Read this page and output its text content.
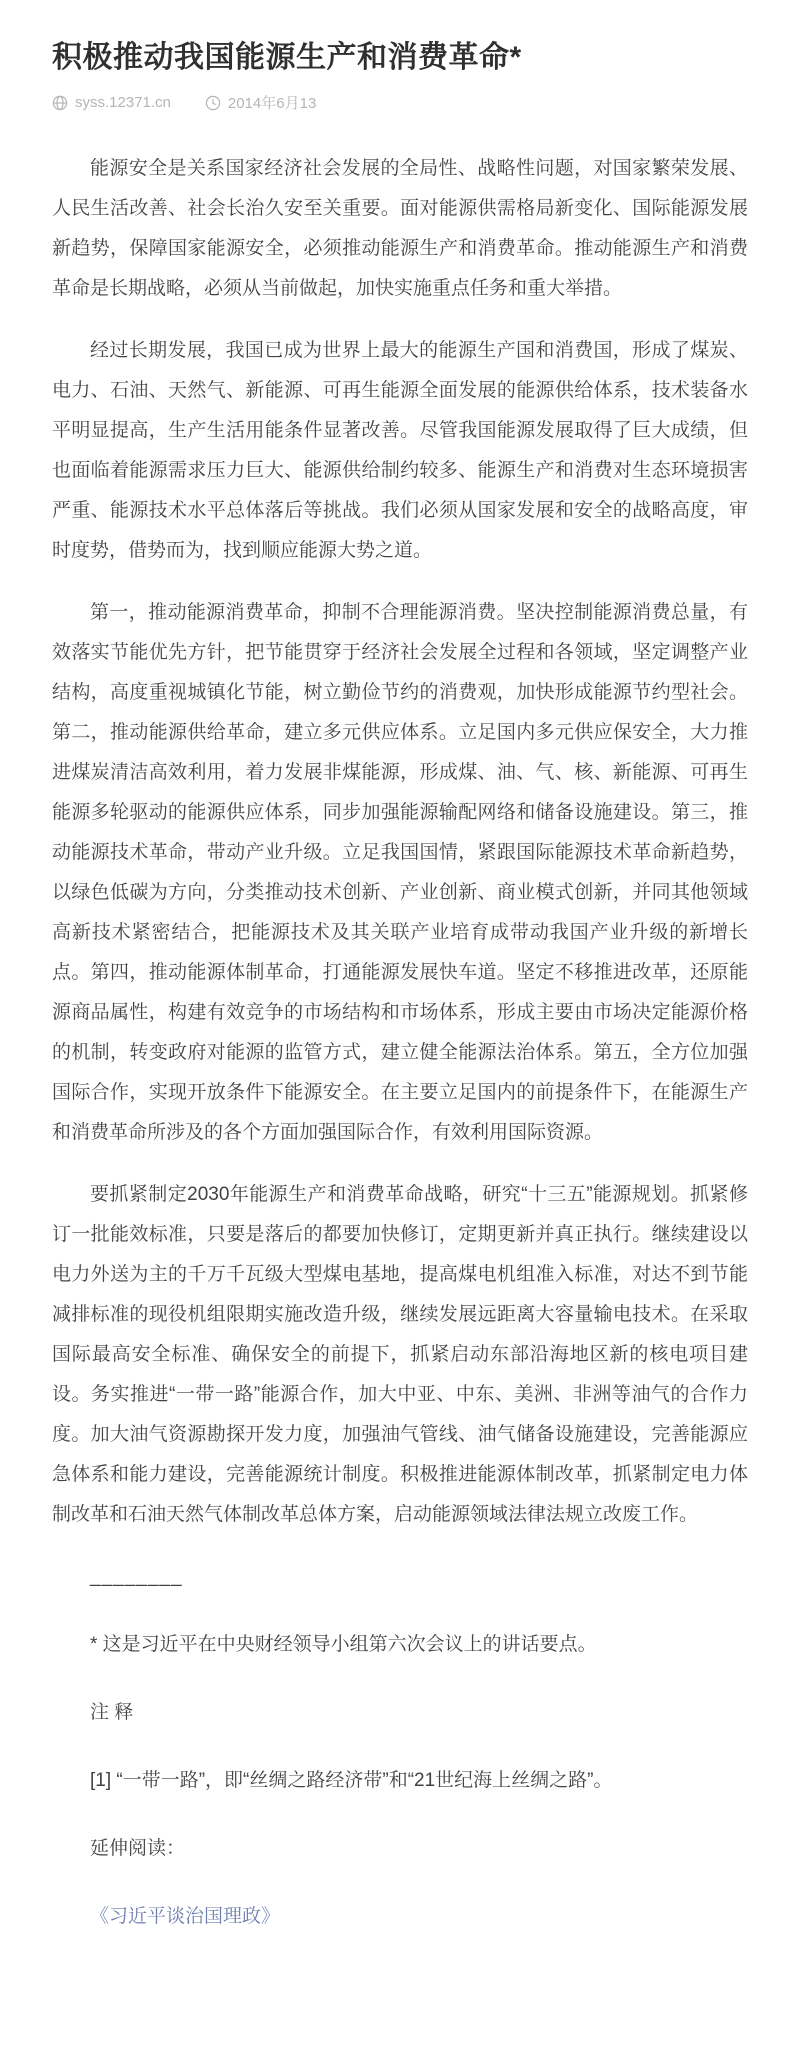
积极推动我国能源生产和消费革命*
syss.12371.cn	2014年6月13

能源安全是关系国家经济社会发展的全局性、战略性问题，对国家繁荣发展、人民生活改善、社会长治久安至关重要。面对能源供需格局新变化、国际能源发展新趋势，保障国家能源安全，必须推动能源生产和消费革命。推动能源生产和消费革命是长期战略，必须从当前做起，加快实施重点任务和重大举措。

经过长期发展，我国已成为世界上最大的能源生产国和消费国，形成了煤炭、电力、石油、天然气、新能源、可再生能源全面发展的能源供给体系，技术装备水平明显提高，生产生活用能条件显著改善。尽管我国能源发展取得了巨大成绩，但也面临着能源需求压力巨大、能源供给制约较多、能源生产和消费对生态环境损害严重、能源技术水平总体落后等挑战。我们必须从国家发展和安全的战略高度，审时度势，借势而为，找到顺应能源大势之道。

第一，推动能源消费革命，抑制不合理能源消费。坚决控制能源消费总量，有效落实节能优先方针，把节能贯穿于经济社会发展全过程和各领域，坚定调整产业结构，高度重视城镇化节能，树立勤俭节约的消费观，加快形成能源节约型社会。第二，推动能源供给革命，建立多元供应体系。立足国内多元供应保安全，大力推进煤炭清洁高效利用，着力发展非煤能源，形成煤、油、气、核、新能源、可再生能源多轮驱动的能源供应体系，同步加强能源输配网络和储备设施建设。第三，推动能源技术革命，带动产业升级。立足我国国情，紧跟国际能源技术革命新趋势，以绿色低碳为方向，分类推动技术创新、产业创新、商业模式创新，并同其他领域高新技术紧密结合，把能源技术及其关联产业培育成带动我国产业升级的新增长点。第四，推动能源体制革命，打通能源发展快车道。坚定不移推进改革，还原能源商品属性，构建有效竞争的市场结构和市场体系，形成主要由市场决定能源价格的机制，转变政府对能源的监管方式，建立健全能源法治体系。第五，全方位加强国际合作，实现开放条件下能源安全。在主要立足国内的前提条件下，在能源生产和消费革命所涉及的各个方面加强国际合作，有效利用国际资源。

要抓紧制定2030年能源生产和消费革命战略，研究“十三五”能源规划。抓紧修订一批能效标准，只要是落后的都要加快修订，定期更新并真正执行。继续建设以电力外送为主的千万千瓦级大型煤电基地，提高煤电机组准入标准，对达不到节能减排标准的现役机组限期实施改造升级，继续发展远距离大容量输电技术。在采取国际最高安全标准、确保安全的前提下，抓紧启动东部沿海地区新的核电项目建设。务实推进“一带一路”能源合作，加大中亚、中东、美洲、非洲等油气的合作力度。加大油气资源勘探开发力度，加强油气管线、油气储备设施建设，完善能源应急体系和能力建设，完善能源统计制度。积极推进能源体制改革，抓紧制定电力体制改革和石油天然气体制改革总体方案，启动能源领域法律法规立改废工作。

________

* 这是习近平在中央财经领导小组第六次会议上的讲话要点。

注 释

[1] “一带一路”，即“丝绸之路经济带”和“21世纪海上丝绸之路”。

延伸阅读：

《习近平谈治国理政》
